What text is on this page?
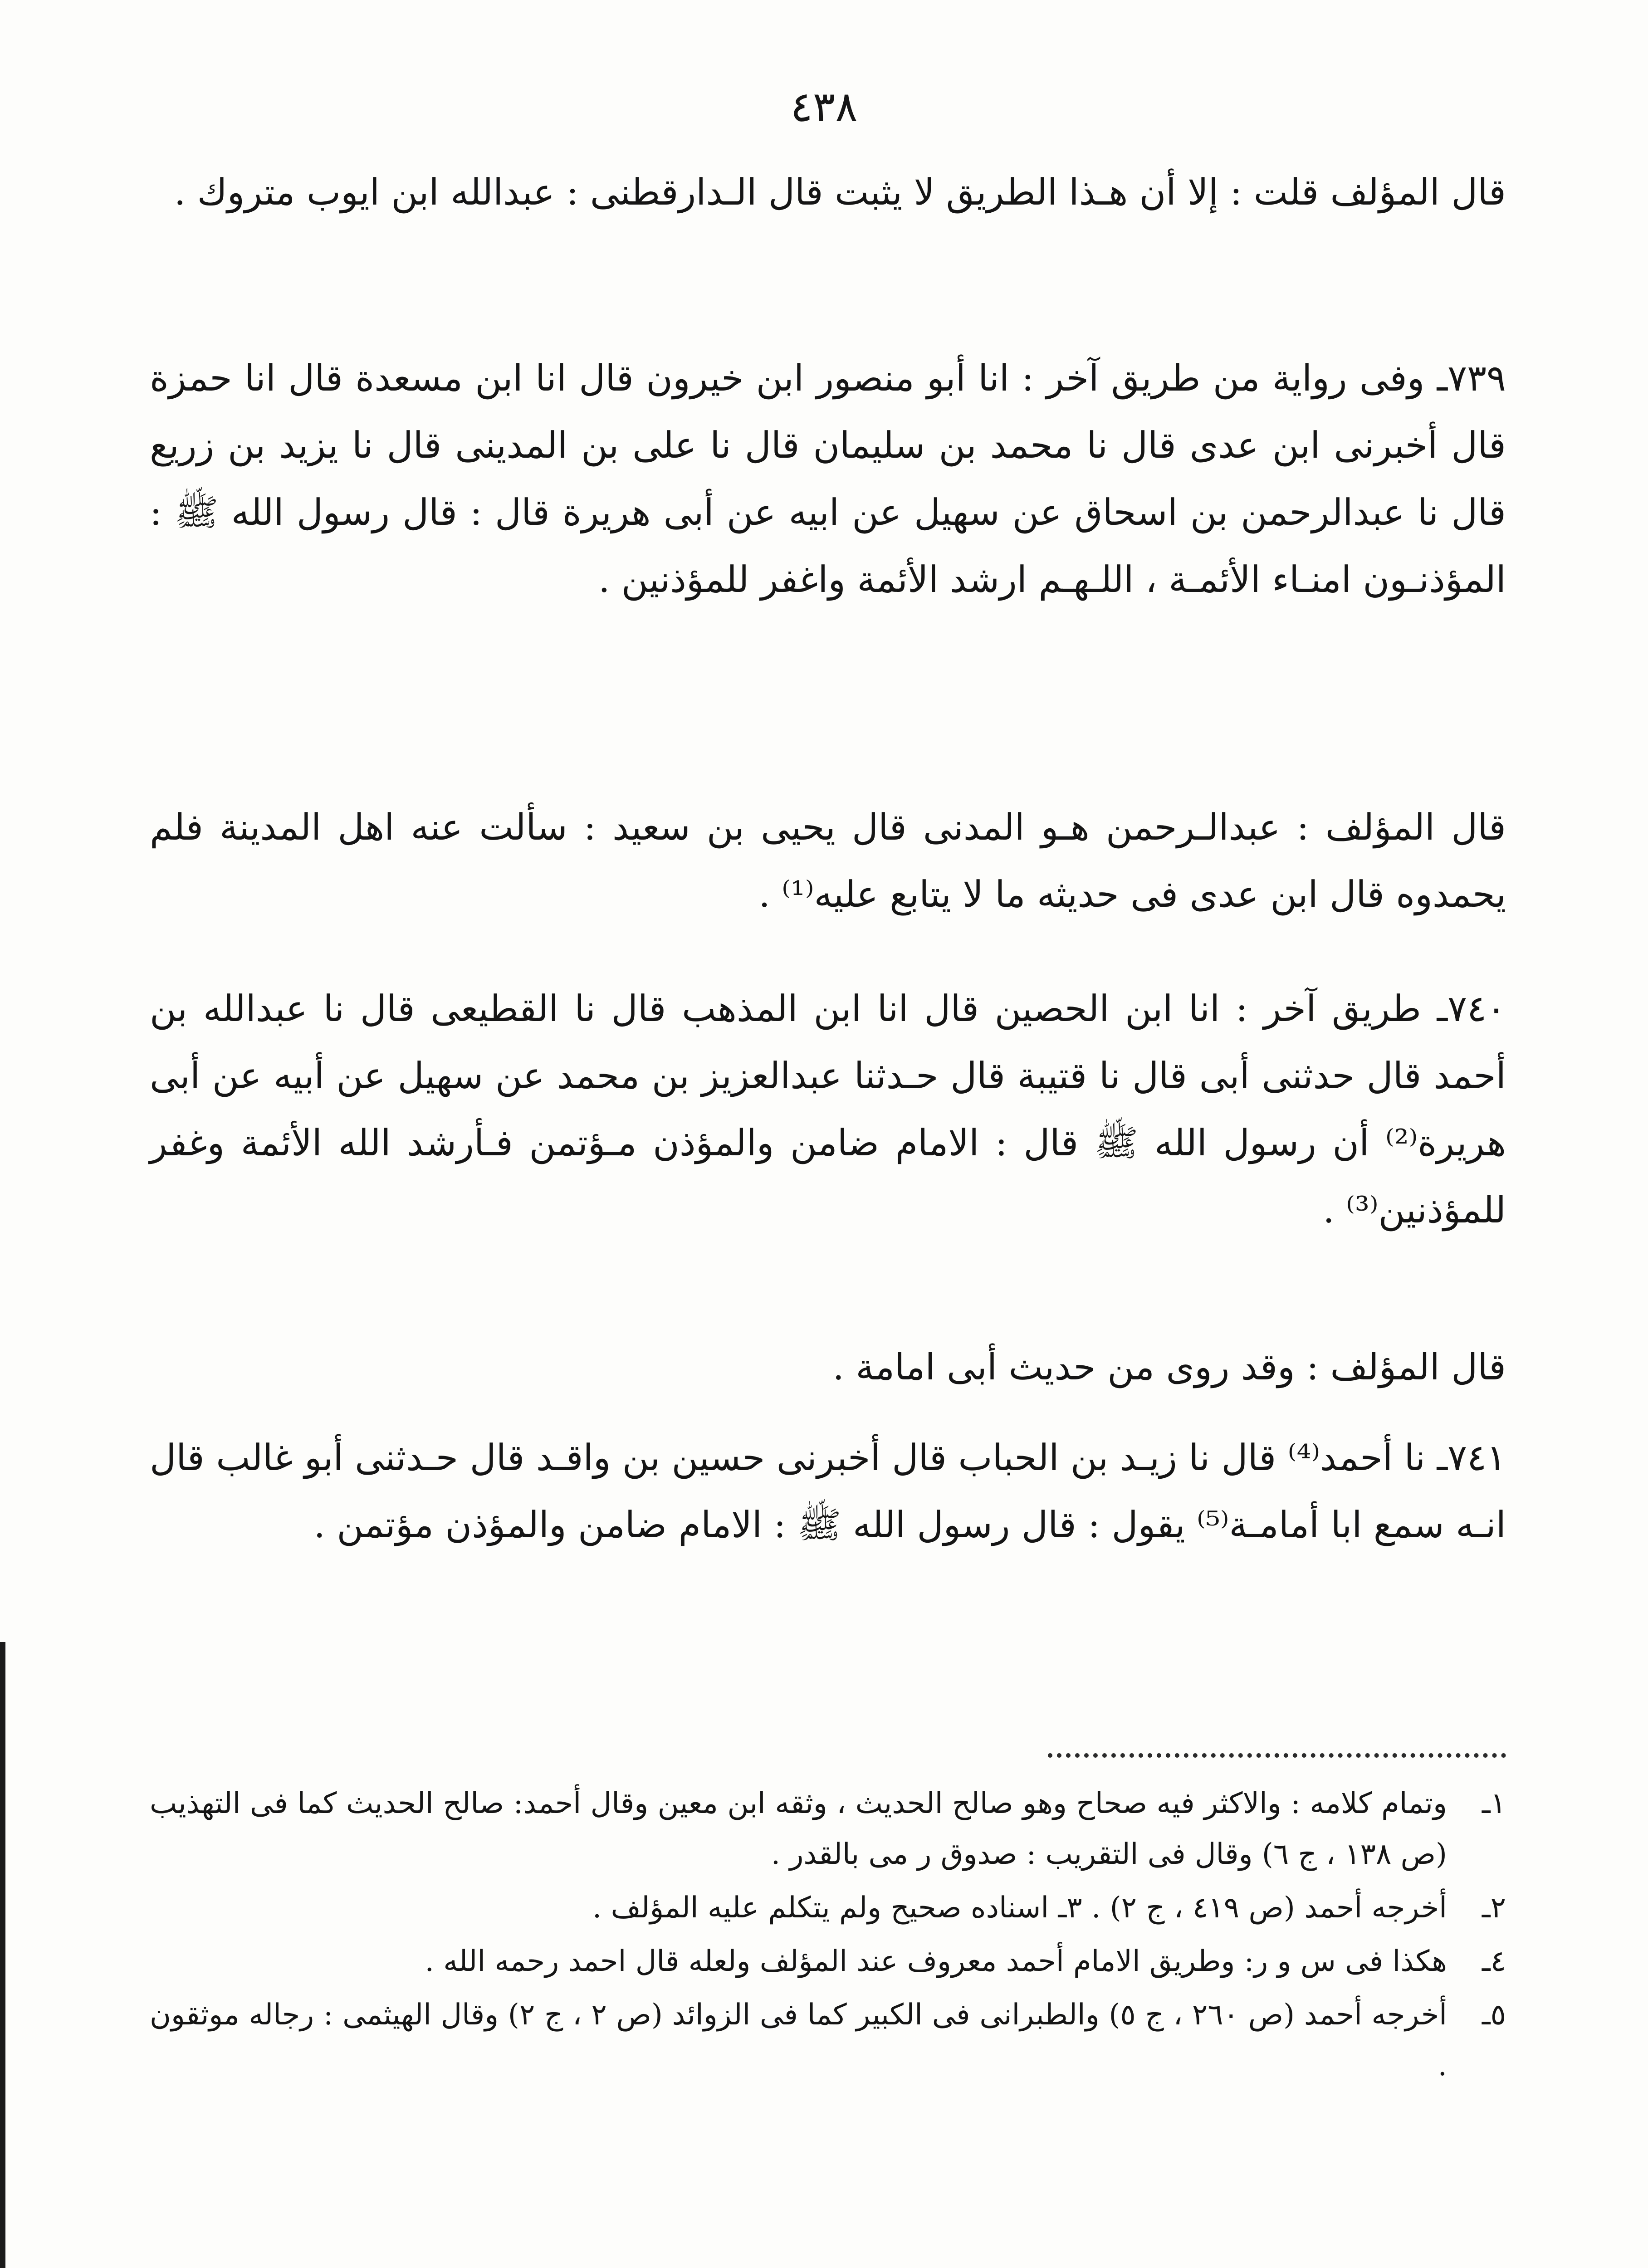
٤٣٨

قال المؤلف قلت : إلا أن هـذا الطريق لا يثبت قال الـدارقطنى : عبدالله ابن ايوب متروك .

٧٣٩ـ وفى رواية من طريق آخر : انا أبو منصور ابن خيرون قال انا ابن مسعدة قال انا حمزة قال أخبرنى ابن عدى قال نا محمد بن سليمان قال نا على بن المدينى قال نا يزيد بن زريع قال نا عبدالرحمن بن اسحاق عن سهيل عن ابيه عن أبى هريرة قال : قال رسول الله ﷺ : المؤذنـون امنـاء الأئمـة ، اللـهـم ارشد الأئمة واغفر للمؤذنين .

قال المؤلف : عبدالـرحمن هـو المدنى قال يحيى بن سعيد : سألت عنه اهل المدينة فلم يحمدوه قال ابن عدى فى حديثه ما لا يتابع عليه⁽¹⁾ .

٧٤٠ـ طريق آخر : انا ابن الحصين قال انا ابن المذهب قال نا القطيعى قال نا عبدالله بن أحمد قال حدثنى أبى قال نا قتيبة قال حـدثنا عبدالعزيز بن محمد عن سهيل عن أبيه عن أبى هريرة⁽²⁾ أن رسول الله ﷺ قال : الامام ضامن والمؤذن مـؤتمن فـأرشد الله الأئمة وغفر للمؤذنين⁽³⁾ .

قال المؤلف : وقد روى من حديث أبى امامة .

٧٤١ـ نا أحمد⁽⁴⁾ قال نا زيـد بن الحباب قال أخبرنى حسين بن واقـد قال حـدثنى أبو غالب قال انـه سمع ابا أمامـة⁽⁵⁾ يقول : قال رسول الله ﷺ : الامام ضامن والمؤذن مؤتمن .

١ـ
وتمام كلامه : والاكثر فيه صحاح وهو صالح الحديث ، وثقه ابن معين وقال أحمد: صالح الحديث كما فى التهذيب (ص ١٣٨ ، ج ٦) وقال فى التقريب : صدوق ر مى بالقدر .
٢ـ
أخرجه أحمد (ص ٤١٩ ، ج ٢) . ٣ـ اسناده صحيح ولم يتكلم عليه المؤلف .
٤ـ
هكذا فى س و ر: وطريق الامام أحمد معروف عند المؤلف ولعله قال احمد رحمه الله .
٥ـ
أخرجه أحمد (ص ٢٦٠ ، ج ٥) والطبرانى فى الكبير كما فى الزوائد (ص ٢ ، ج ٢) وقال الهيثمى : رجاله موثقون .
